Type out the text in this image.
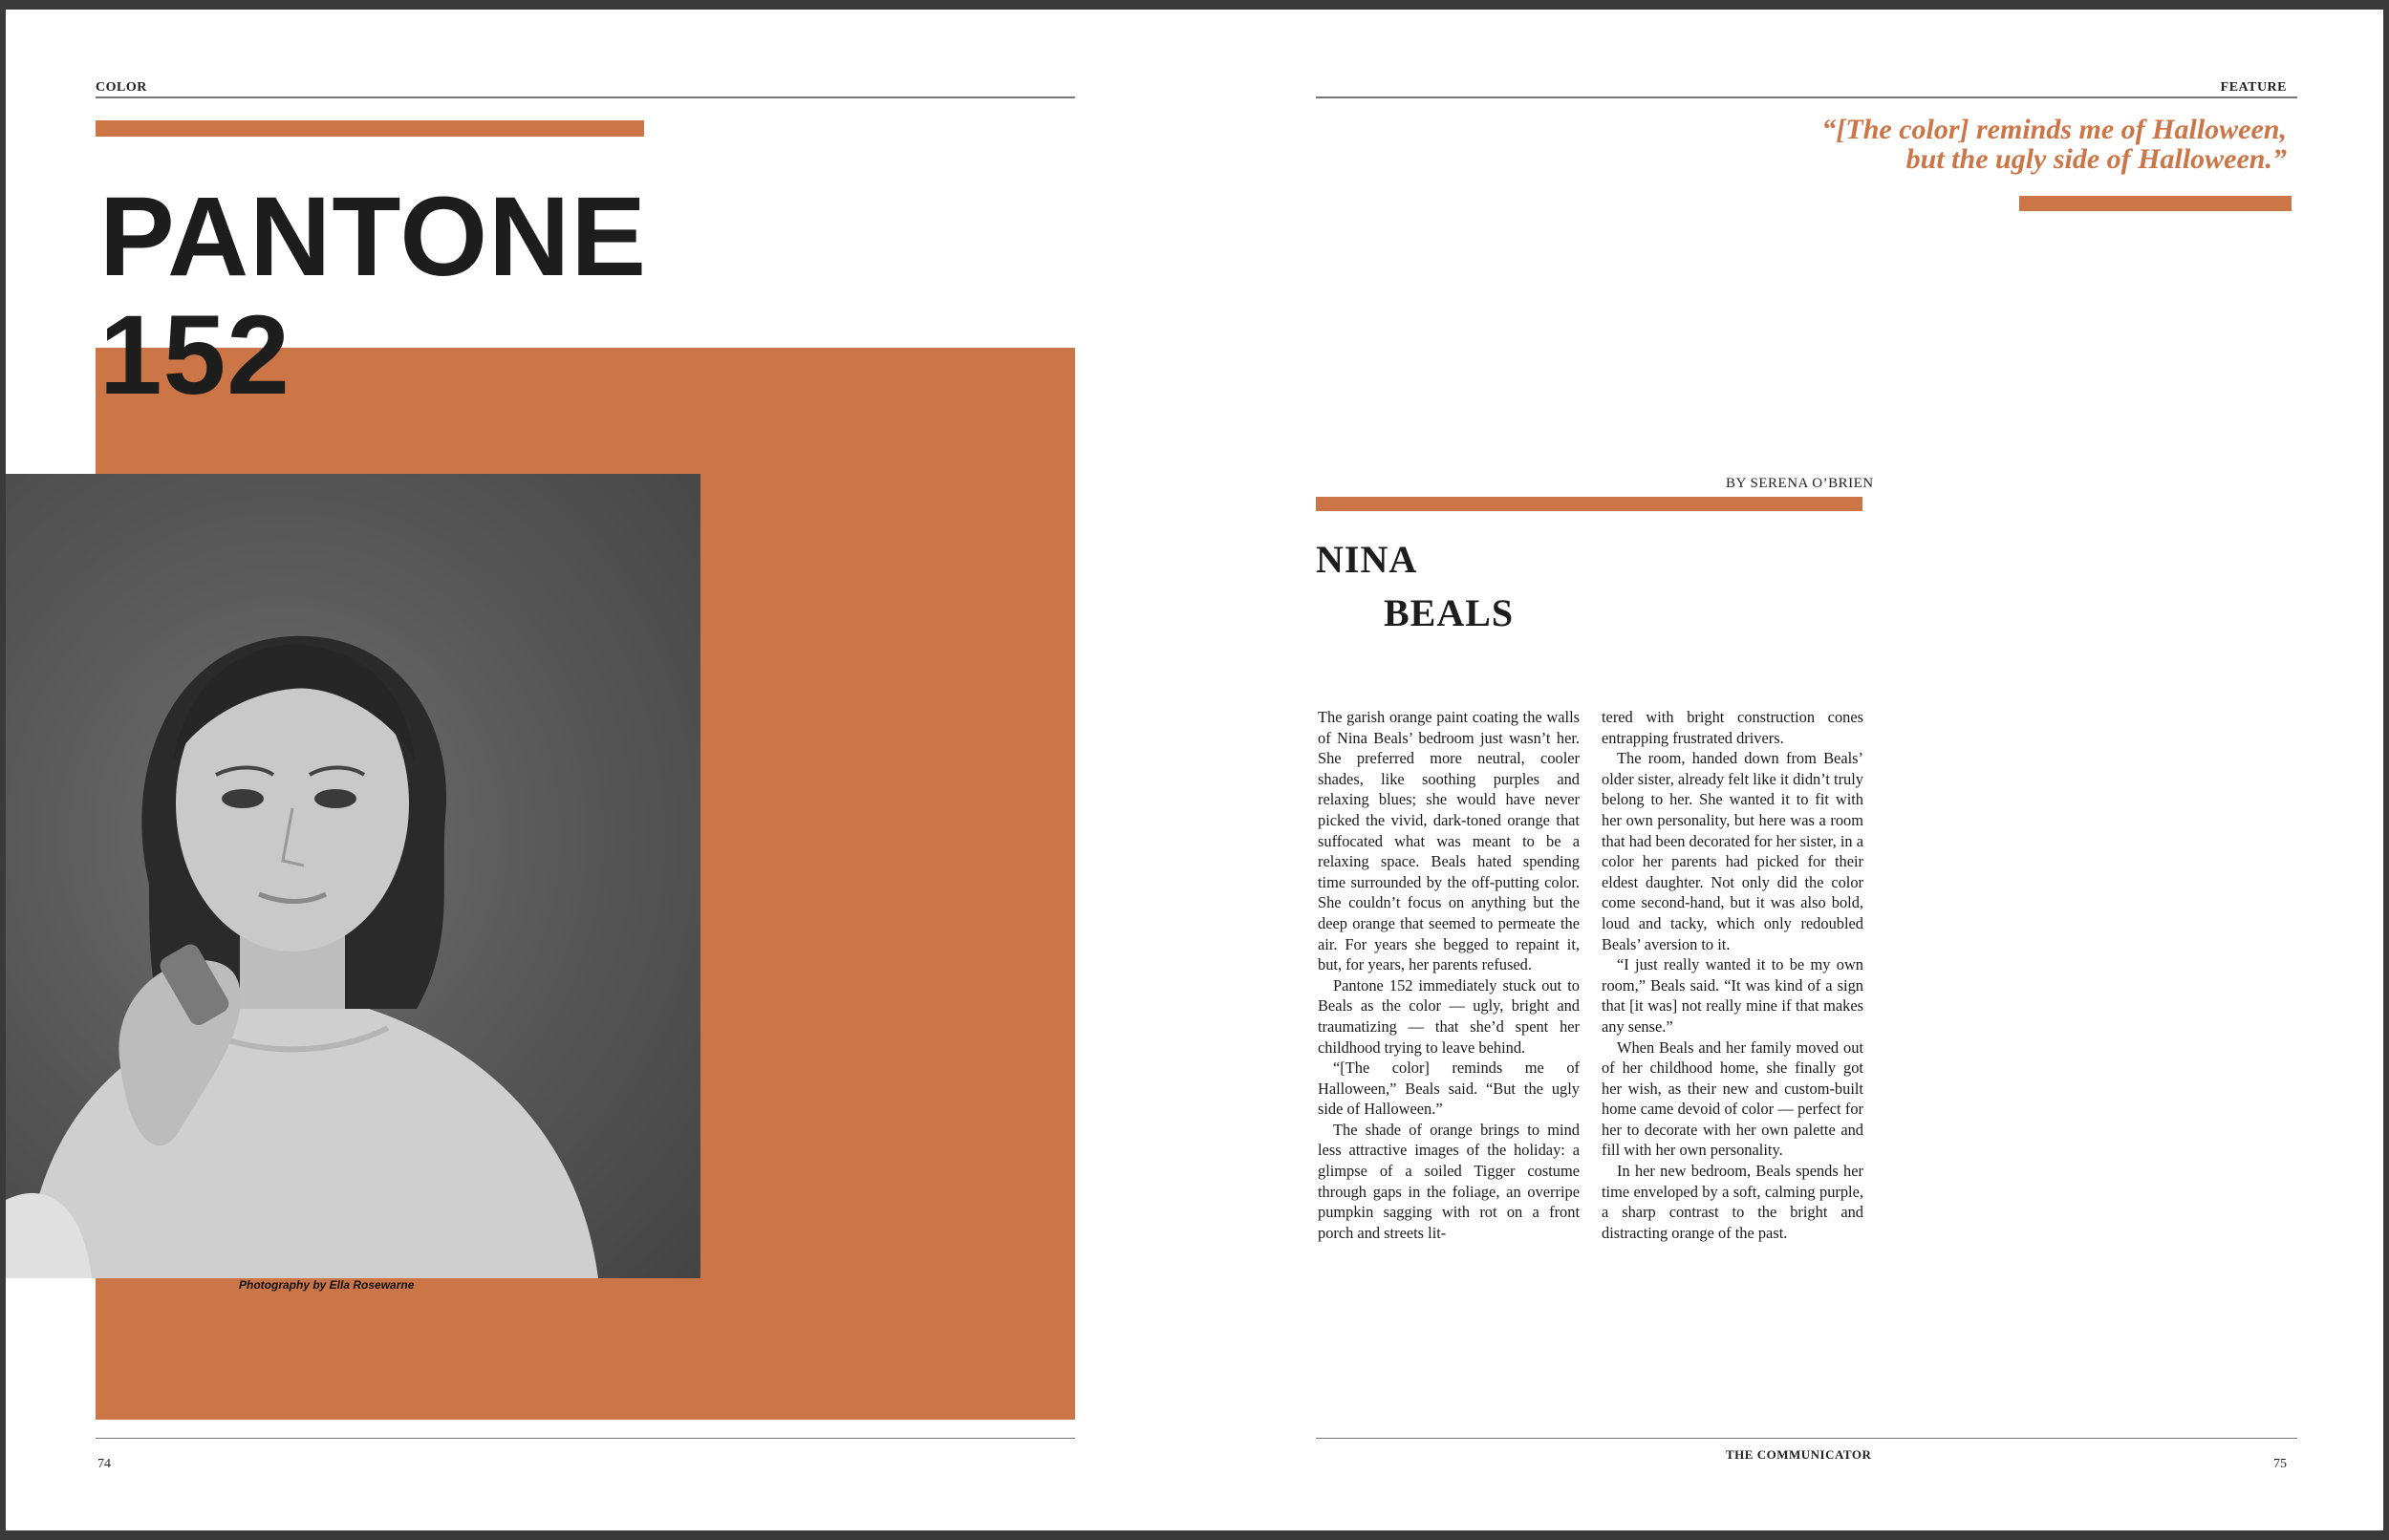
COLOR
PANTONE
152
Photography by Ella Rosewarne
74
FEATURE
“[The color] reminds me of Halloween,
but the ugly side of Halloween.”
BY SERENA O’BRIEN
NINA
BEALS

The garish orange paint coating the walls of Nina Beals’ bedroom just wasn’t her. She preferred more neutral, cooler shades, like soothing purples and relaxing blues; she would have never picked the vivid, dark-toned orange that suffocated what was meant to be a relaxing space. Beals hated spending time surrounded by the off-putting color. She couldn’t focus on anything but the deep orange that seemed to permeate the air. For years she begged to repaint it, but, for years, her parents refused.

Pantone 152 immediately stuck out to Beals as the color — ugly, bright and traumatizing — that she’d spent her childhood trying to leave behind.

“[The color] reminds me of Halloween,” Beals said. “But the ugly side of Halloween.”

The shade of orange brings to mind less attractive images of the holiday: a glimpse of a soiled Tigger costume through gaps in the foliage, an overripe pumpkin sagging with rot on a front porch and streets lit-

tered with bright construction cones entrapping frustrated drivers.

The room, handed down from Beals’ older sister, already felt like it didn’t truly belong to her. She wanted it to fit with her own personality, but here was a room that had been decorated for her sister, in a color her parents had picked for their eldest daughter. Not only did the color come second-hand, but it was also bold, loud and tacky, which only redoubled Beals’ aversion to it.

“I just really wanted it to be my own room,” Beals said. “It was kind of a sign that [it was] not really mine if that makes any sense.”

When Beals and her family moved out of her childhood home, she finally got her wish, as their new and custom-built home came devoid of color — perfect for her to decorate with her own palette and fill with her own personality.

In her new bedroom, Beals spends her time enveloped by a soft, calming purple, a sharp contrast to the bright and distracting orange of the past.

THE COMMUNICATOR
75
